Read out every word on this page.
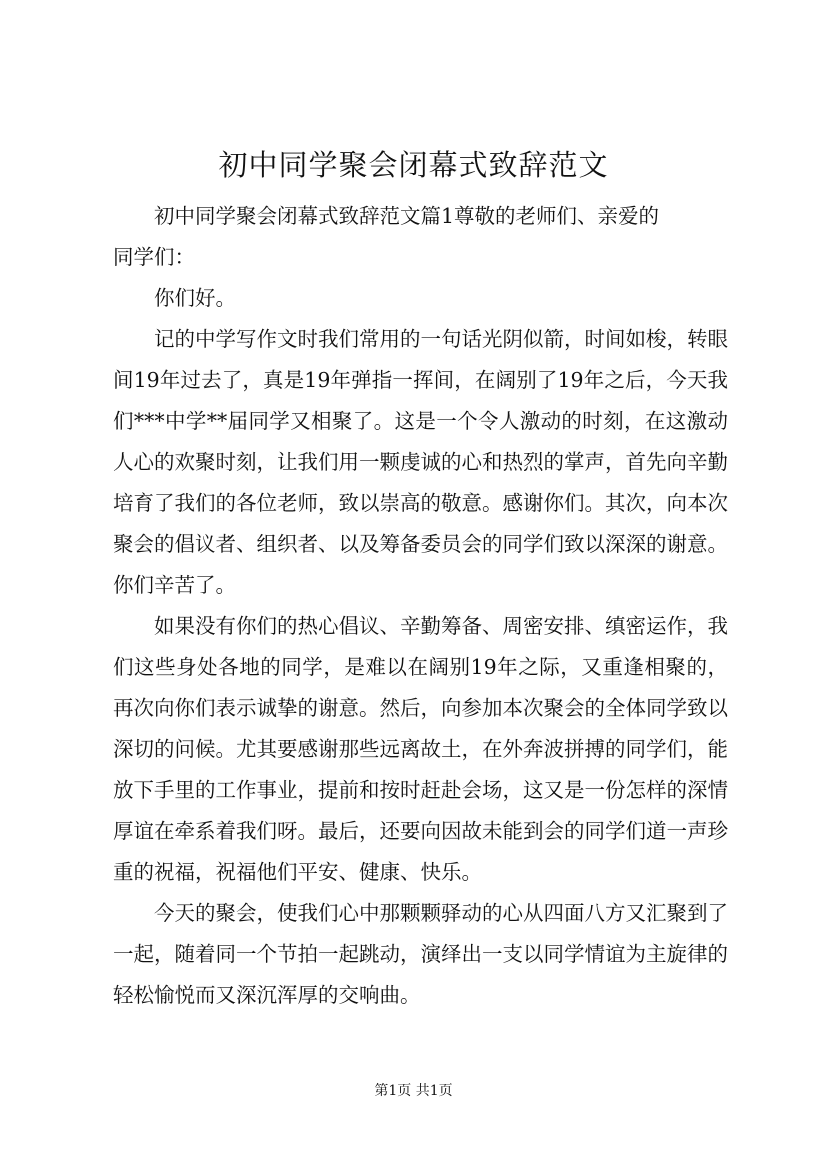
初中同学聚会闭幕式致辞范文

初中同学聚会闭幕式致辞范文篇1尊敬的老师们、亲爱的

同学们：

你们好。

记的中学写作文时我们常用的一句话光阴似箭，时间如梭，转眼间19年过去了，真是19年弹指一挥间，在阔别了19年之后，今天我们***中学**届同学又相聚了。这是一个令人激动的时刻，在这激动人心的欢聚时刻，让我们用一颗虔诚的心和热烈的掌声，首先向辛勤培育了我们的各位老师，致以崇高的敬意。感谢你们。其次，向本次聚会的倡议者、组织者、以及筹备委员会的同学们致以深深的谢意。你们辛苦了。

如果没有你们的热心倡议、辛勤筹备、周密安排、缜密运作，我们这些身处各地的同学，是难以在阔别19年之际，又重逢相聚的，再次向你们表示诚挚的谢意。然后，向参加本次聚会的全体同学致以深切的问候。尤其要感谢那些远离故土，在外奔波拼搏的同学们，能放下手里的工作事业，提前和按时赶赴会场，这又是一份怎样的深情厚谊在牵系着我们呀。最后，还要向因故未能到会的同学们道一声珍重的祝福，祝福他们平安、健康、快乐。

今天的聚会，使我们心中那颗颗驿动的心从四面八方又汇聚到了一起，随着同一个节拍一起跳动，演绎出一支以同学情谊为主旋律的轻松愉悦而又深沉浑厚的交响曲。

第1页 共1页
